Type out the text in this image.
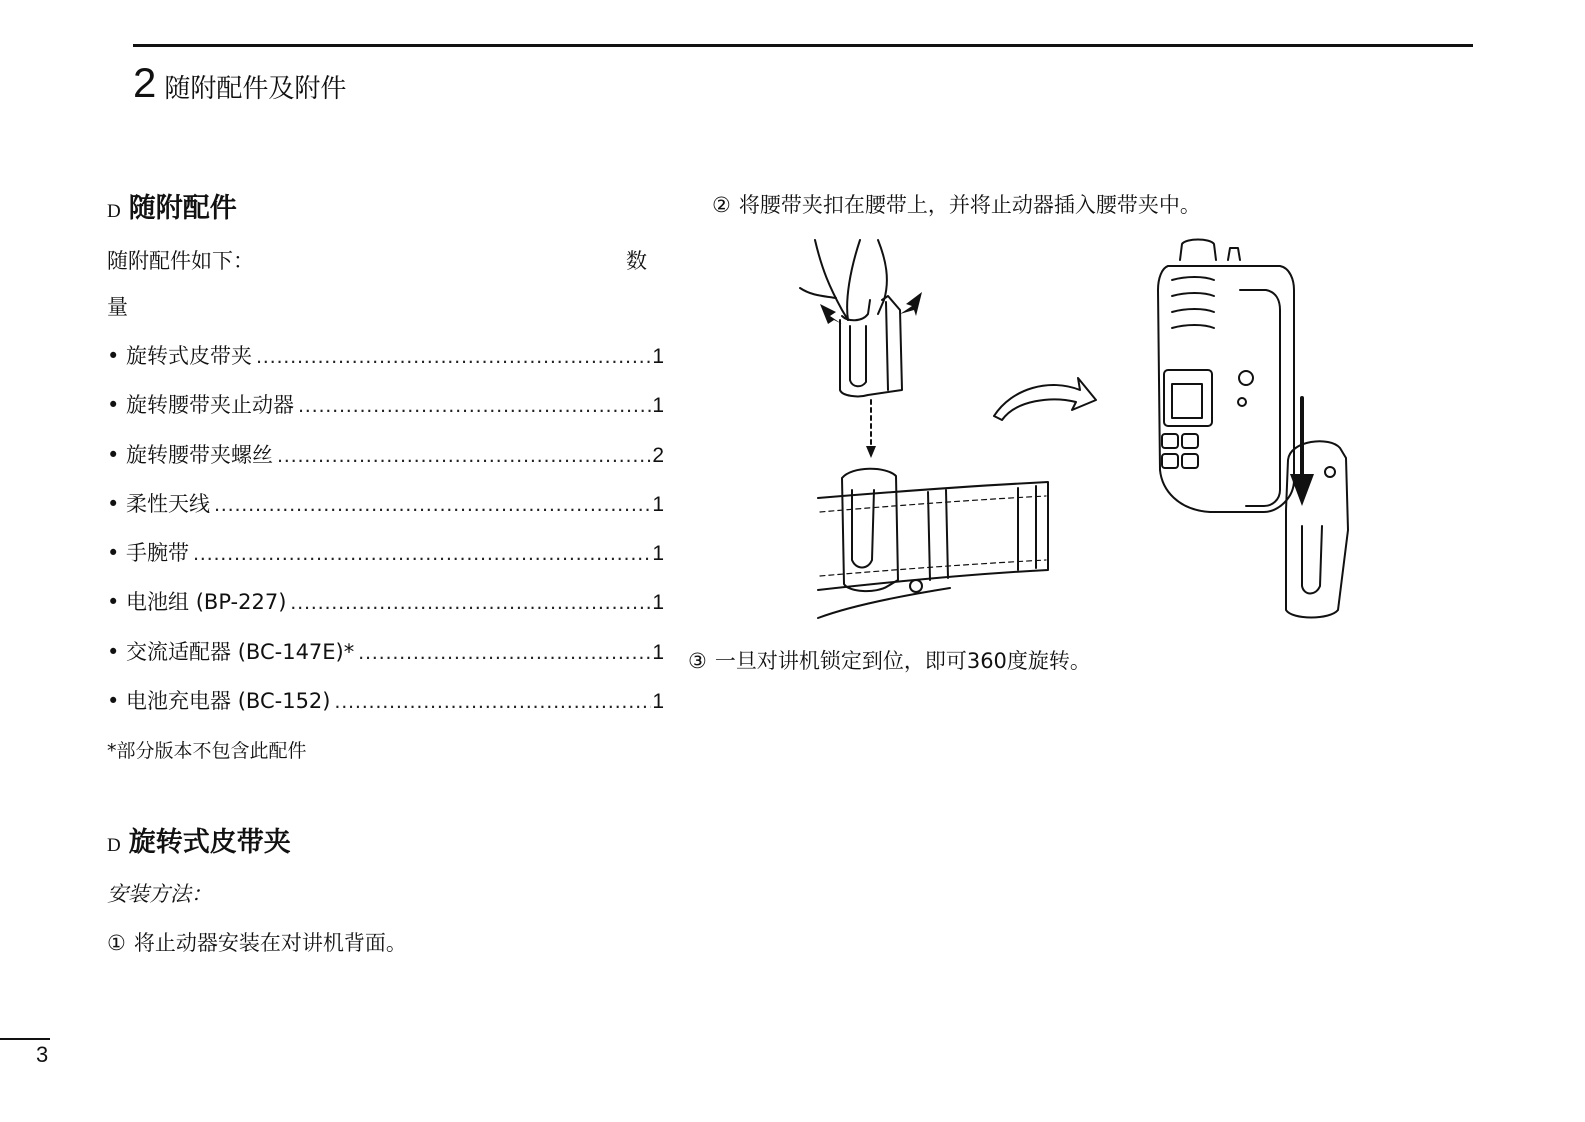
2 随附配件及附件
D 随附配件
随附配件如下：	数
量
• 旋转式皮带夹 .....	1
• 旋转腰带夹止动器 .....	1
• 旋转腰带夹螺丝 .....	2
• 柔性天线 .....	1
• 手腕带 .....	1
• 电池组 (BP-227) .....	1
• 交流适配器 (BC-147E)* .....	1
• 电池充电器 (BC-152) .....	1
*部分版本不包含此配件
D 旋转式皮带夹
安装方法：
① 将止动器安装在对讲机背面。
② 将腰带夹扣在腰带上，并将止动器插入腰带夹中。
③ 一旦对讲机锁定到位，即可360度旋转。
3
